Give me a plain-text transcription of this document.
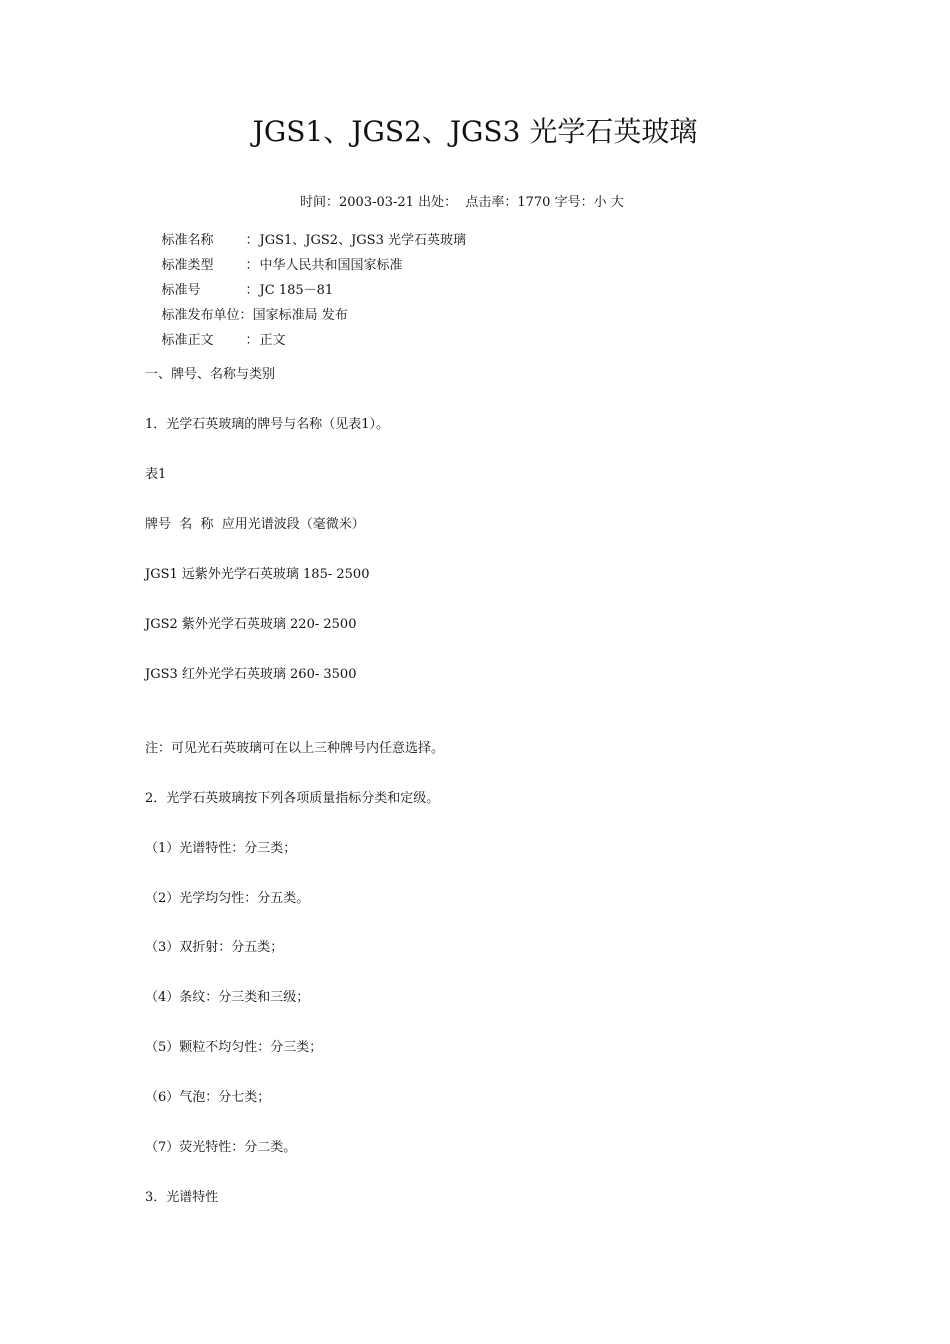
JGS1、JGS2、JGS3 光学石英玻璃

时间：2003-03-21 出处：  点击率：1770 字号：小 大

标准名称 ： JGS1、JGS2、JGS3 光学石英玻璃

标准类型 ： 中华人民共和国国家标准

标准号	： JC 185－81

标准发布单位：国家标准局 发布

标准正文 ： 正文

一、牌号、名称与类别

1．光学石英玻璃的牌号与名称（见表1）。

表1

牌号  名  称  应用光谱波段（毫微米）

JGS1 远紫外光学石英玻璃 185- 2500

JGS2 紫外光学石英玻璃 220- 2500

JGS3 红外光学石英玻璃 260- 3500

注：可见光石英玻璃可在以上三种牌号内任意选择。

2．光学石英玻璃按下列各项质量指标分类和定级。

（1）光谱特性：分三类；

（2）光学均匀性：分五类。

（3）双折射：分五类；

（4）条纹：分三类和三级；

（5）颗粒不均匀性：分三类；

（6）气泡：分七类；

（7）荧光特性：分二类。

3．光谱特性
